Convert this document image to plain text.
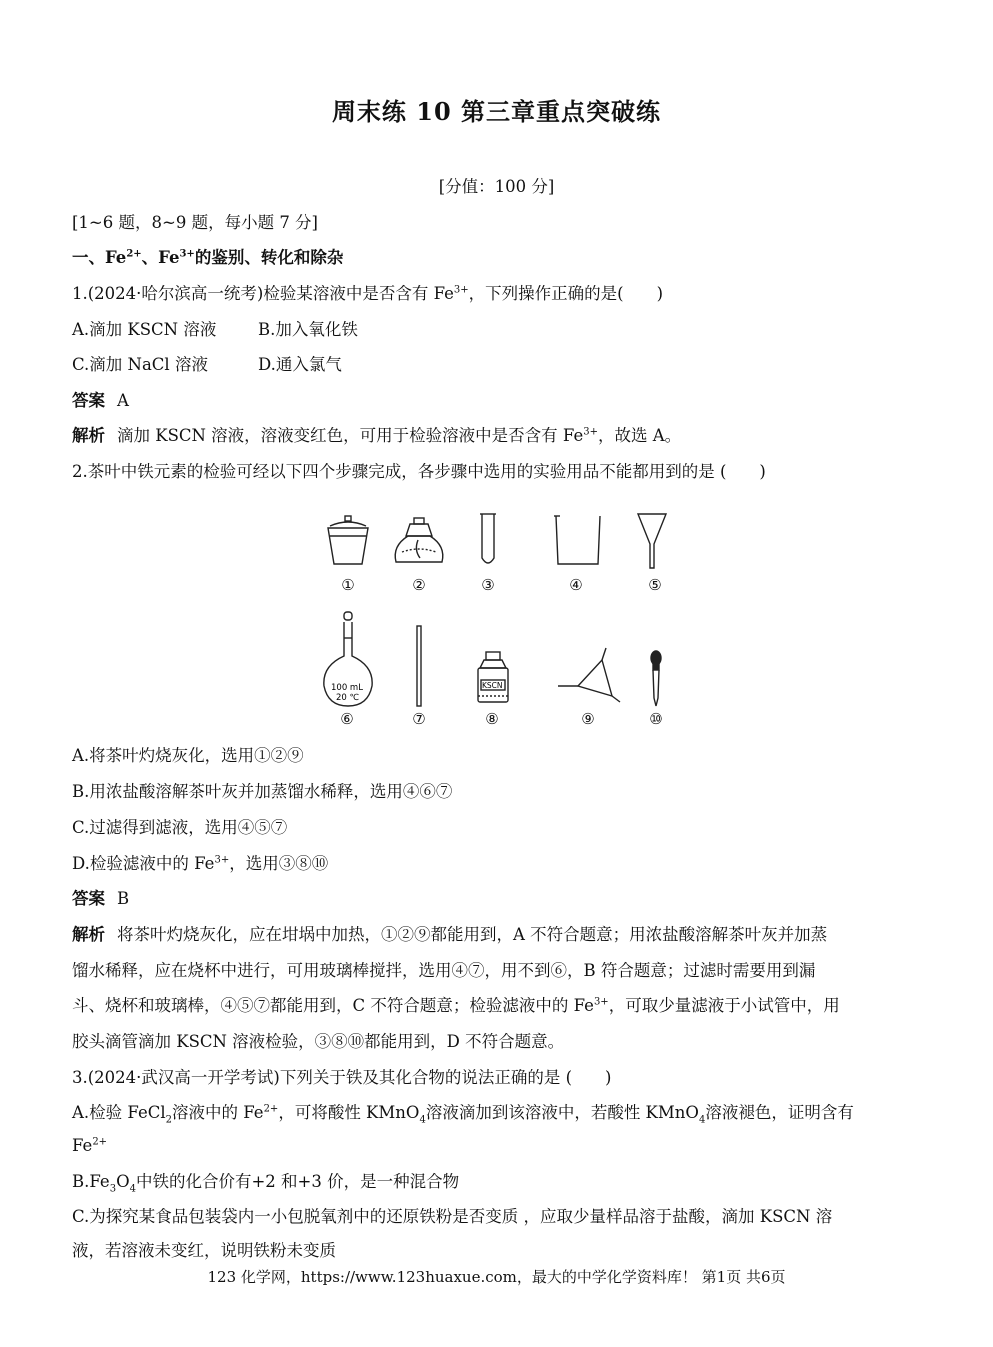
周末练 10 第三章重点突破练
[分值：100 分]
[1~6 题，8~9 题，每小题 7 分]
一、$Fe^{2+}$、$Fe^{3+}$的鉴别、转化和除杂
1.(2024·哈尔滨高一统考)检验某溶液中是否含有 $Fe^{3+}$，下列操作正确的是(　　)
A.滴加 KSCN 溶液	B.加入氧化铁
C.滴加 NaCl 溶液	D.通入氯气
答案 A
解析 滴加 KSCN 溶液，溶液变红色，可用于检验溶液中是否含有 $Fe^{3+}$，故选 A。
2.茶叶中铁元素的检验可经以下四个步骤完成，各步骤中选用的实验用品不能都用到的是 (　　)
100 mL
20 ℃
KSCN
①	②	③	④	⑤
⑥	⑦	⑧	⑨	⑩
A.将茶叶灼烧灰化，选用①②⑨
B.用浓盐酸溶解茶叶灰并加蒸馏水稀释，选用④⑥⑦
C.过滤得到滤液，选用④⑤⑦
D.检验滤液中的 $Fe^{3+}$，选用③⑧⑩
答案 B
解析 将茶叶灼烧灰化，应在坩埚中加热，①②⑨都能用到，A 不符合题意；用浓盐酸溶解茶叶灰并加蒸
馏水稀释，应在烧杯中进行，可用玻璃棒搅拌，选用④⑦，用不到⑥，B 符合题意；过滤时需要用到漏
斗、烧杯和玻璃棒，④⑤⑦都能用到，C 不符合题意；检验滤液中的 $Fe^{3+}$，可取少量滤液于小试管中，用
胶头滴管滴加 KSCN 溶液检验，③⑧⑩都能用到，D 不符合题意。
3.(2024·武汉高一开学考试)下列关于铁及其化合物的说法正确的是 (　　)
A.检验 FeCl$_2$溶液中的 $Fe^{2+}$，可将酸性 KMnO$_4$溶液滴加到该溶液中，若酸性 KMnO$_4$溶液褪色，证明含有
$Fe^{2+}$
$B.Fe_3O_4$中铁的化合价有+2 和+3 价，是一种混合物
C.为探究某食品包装袋内一小包脱氧剂中的还原铁粉是否变质 ，应取少量样品溶于盐酸，滴加 KSCN 溶
液，若溶液未变红，说明铁粉未变质
123 化学网，https://www.123huaxue.com，最大的中学化学资料库！ 第1页 共6页
